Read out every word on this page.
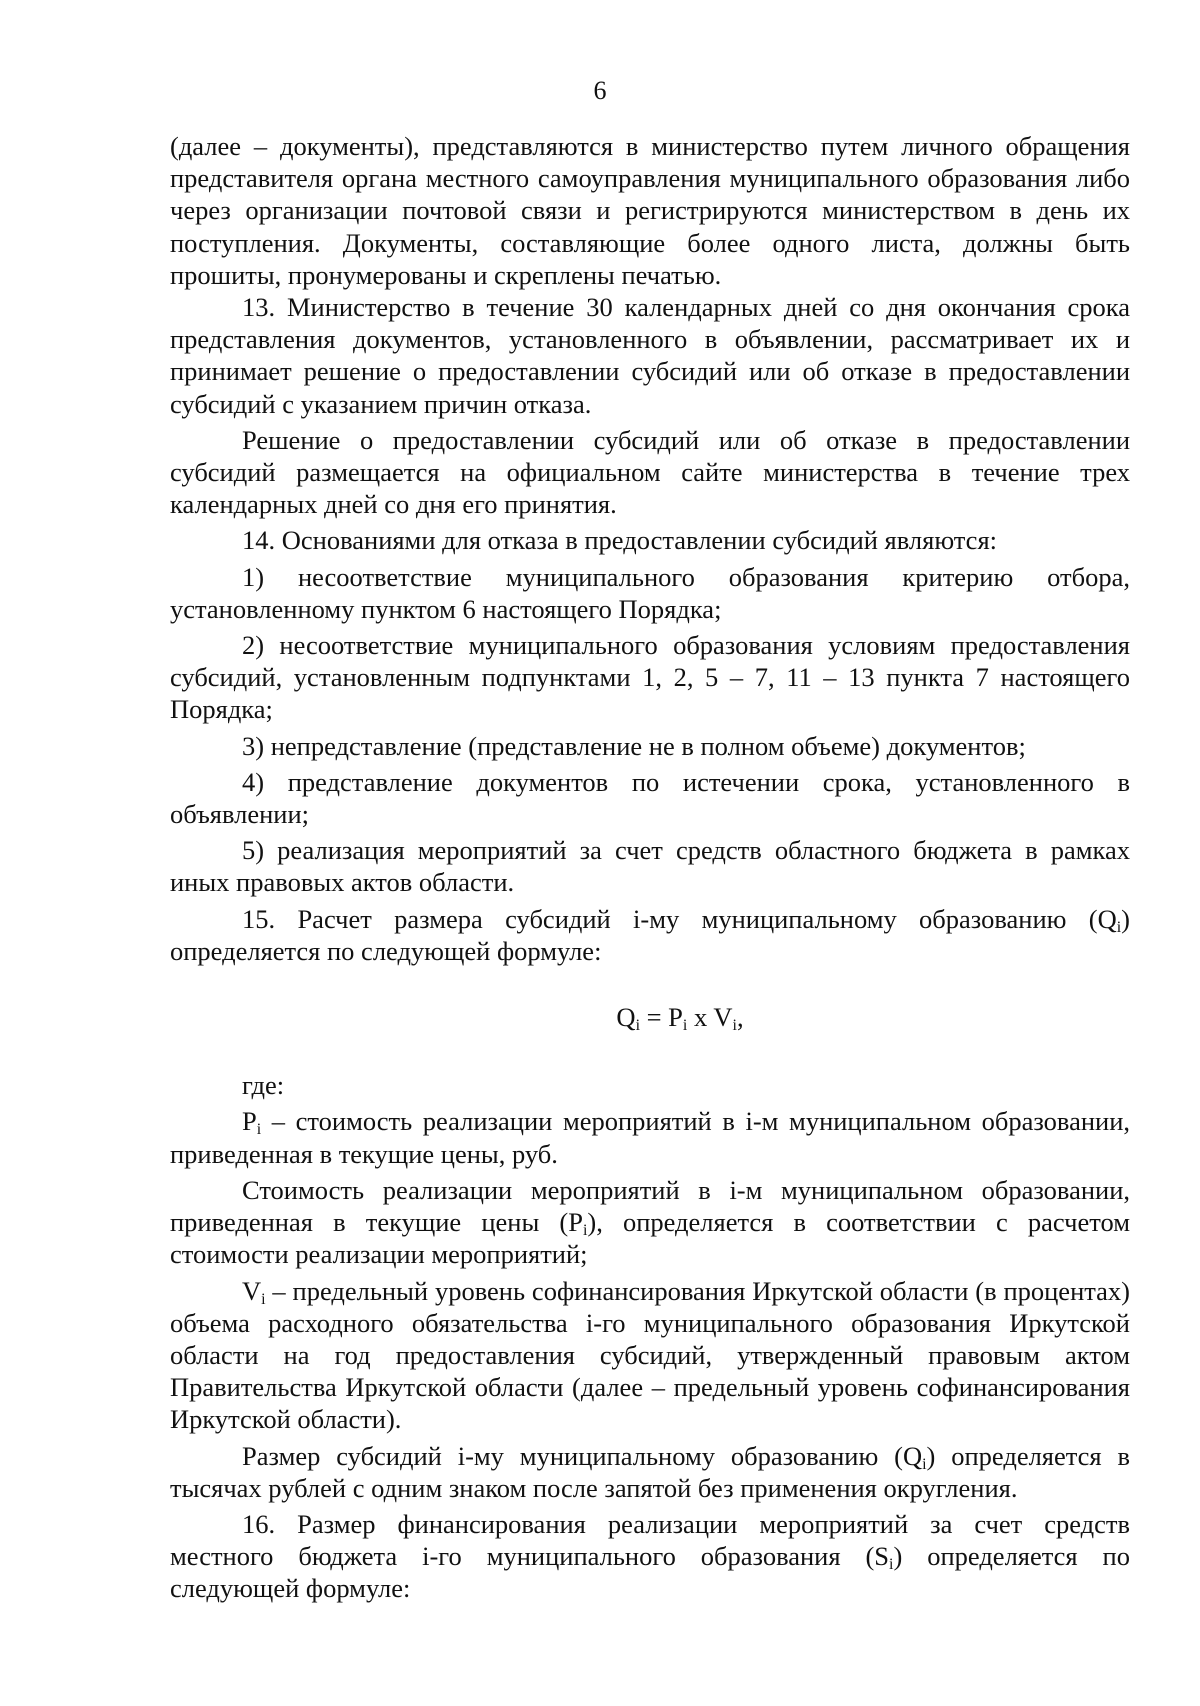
6

(далее – документы), представляются в министерство путем личного обращения представителя органа местного самоуправления муниципального образования либо через организации почтовой связи и регистрируются министерством в день их поступления. Документы, составляющие более одного листа, должны быть прошиты, пронумерованы и скреплены печатью.

13. Министерство в течение 30 календарных дней со дня окончания срока представления документов, установленного в объявлении, рассматривает их и принимает решение о предоставлении субсидий или об отказе в предоставлении субсидий с указанием причин отказа.

Решение о предоставлении субсидий или об отказе в предоставлении субсидий размещается на официальном сайте министерства в течение трех календарных дней со дня его принятия.

14. Основаниями для отказа в предоставлении субсидий являются:

1) несоответствие муниципального образования критерию отбора, установленному пунктом 6 настоящего Порядка;

2) несоответствие муниципального образования условиям предоставления субсидий, установленным подпунктами 1, 2, 5 – 7, 11 – 13 пункта 7 настоящего Порядка;

3) непредставление (представление не в полном объеме) документов;

4) представление документов по истечении срока, установленного в объявлении;

5) реализация мероприятий за счет средств областного бюджета в рамках иных правовых актов области.

15. Расчет размера субсидий i-му муниципальному образованию $(Q_i)$ определяется по следующей формуле:

$Q_i = P_i$ x $V_i$,

где:

$P_i$ – стоимость реализации мероприятий в i-м муниципальном образовании, приведенная в текущие цены, руб.

Стоимость реализации мероприятий в i-м муниципальном образовании, приведенная в текущие цены $(P_i)$, определяется в соответствии с расчетом стоимости реализации мероприятий;

$V_i$ – предельный уровень софинансирования Иркутской области (в процентах) объема расходного обязательства i-го муниципального образования Иркутской области на год предоставления субсидий, утвержденный правовым актом Правительства Иркутской области (далее – предельный уровень софинансирования Иркутской области).

Размер субсидий i-му муниципальному образованию $(Q_i)$ определяется в тысячах рублей с одним знаком после запятой без применения округления.

16. Размер финансирования реализации мероприятий за счет средств местного бюджета i-го муниципального образования $(S_i)$ определяется по следующей формуле:
